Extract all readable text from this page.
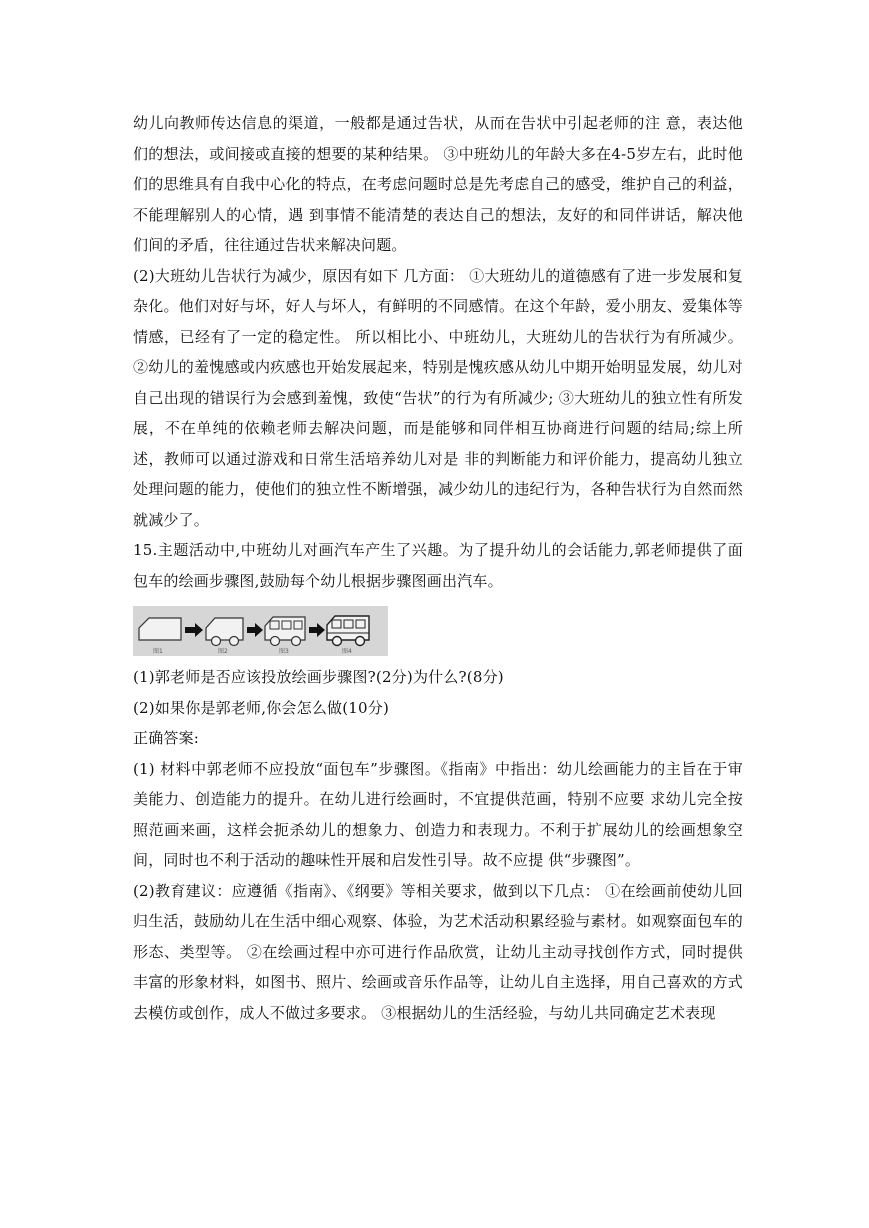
幼儿向教师传达信息的渠道，一般都是通过告状，从而在告状中引起老师的注 意，表达他们的想法，或间接或直接的想要的某种结果。 ③中班幼儿的年龄大多在4-5岁左右，此时他们的思维具有自我中心化的特点，在考虑问题时总是先考虑自己的感受，维护自己的利益，不能理解别人的心情，遇 到事情不能清楚的表达自己的想法，友好的和同伴讲话，解决他们间的矛盾，往往通过告状来解决问题。

(2)大班幼儿告状行为减少，原因有如下 几方面： ①大班幼儿的道德感有了进一步发展和复杂化。他们对好与坏，好人与坏人，有鲜明的不同感情。在这个年龄，爱小朋友、爱集体等情感，已经有了一定的稳定性。 所以相比小、中班幼儿，大班幼儿的告状行为有所减少。②幼儿的羞愧感或内疚感也开始发展起来，特别是愧疚感从幼儿中期开始明显发展，幼儿对自己出现的错误行为会感到羞愧，致使“告状”的行为有所减少; ③大班幼儿的独立性有所发展，不在单纯的依赖老师去解决问题，而是能够和同伴相互协商进行问题的结局;综上所述，教师可以通过游戏和日常生活培养幼儿对是 非的判断能力和评价能力，提高幼儿独立处理问题的能力，使他们的独立性不断增强，减少幼儿的违纪行为，各种告状行为自然而然就减少了。

15.主题活动中,中班幼儿对画汽车产生了兴趣。为了提升幼儿的会话能力,郭老师提供了面包车的绘画步骤图,鼓励每个幼儿根据步骤图画出汽车。

图1	图2	图3	图4

(1)郭老师是否应该投放绘画步骤图?(2分)为什么?(8分)

(2)如果你是郭老师,你会怎么做(10分)

正确答案:

(1) 材料中郭老师不应投放“面包车”步骤图。《指南》中指出：幼儿绘画能力的主旨在于审美能力、创造能力的提升。在幼儿进行绘画时，不宜提供范画，特别不应要 求幼儿完全按照范画来画，这样会扼杀幼儿的想象力、创造力和表现力。不利于扩展幼儿的绘画想象空间，同时也不利于活动的趣味性开展和启发性引导。故不应提 供“步骤图”。

(2)教育建议：应遵循《指南》、《纲要》等相关要求，做到以下几点： ①在绘画前使幼儿回归生活，鼓励幼儿在生活中细心观察、体验，为艺术活动积累经验与素材。如观察面包车的形态、类型等。 ②在绘画过程中亦可进行作品欣赏，让幼儿主动寻找创作方式，同时提供丰富的形象材料，如图书、照片、绘画或音乐作品等，让幼儿自主选择，用自己喜欢的方式 去模仿或创作，成人不做过多要求。 ③根据幼儿的生活经验，与幼儿共同确定艺术表现
